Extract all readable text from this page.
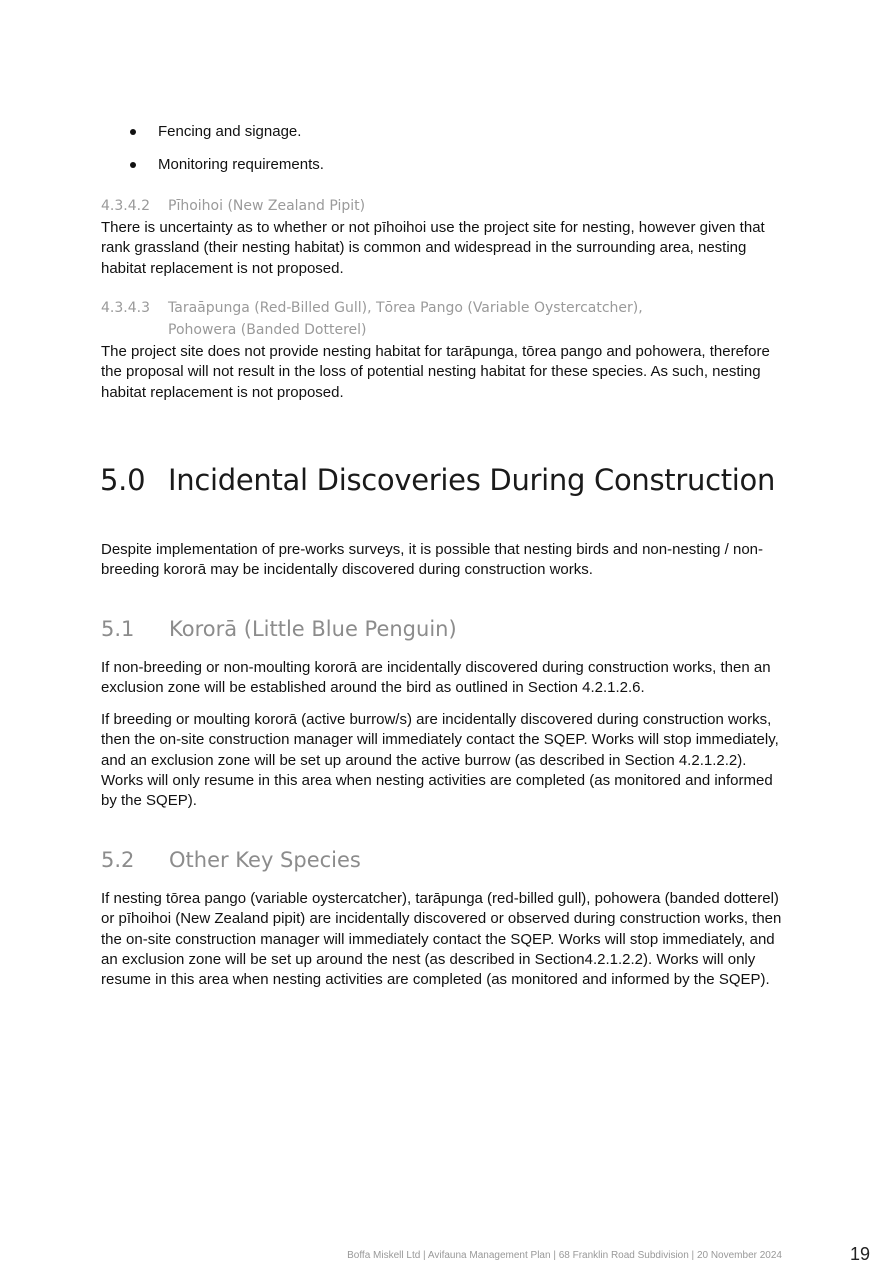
Fencing and signage.
Monitoring requirements.
4.3.4.2 Pīhoihoi (New Zealand Pipit)

There is uncertainty as to whether or not pīhoihoi use the project site for nesting, however given that rank grassland (their nesting habitat) is common and widespread in the surrounding area, nesting habitat replacement is not proposed.

4.3.4.3 Taraāpunga (Red-Billed Gull), Tōrea Pango (Variable Oystercatcher),
Pohowera (Banded Dotterel)

The project site does not provide nesting habitat for tarāpunga, tōrea pango and pohowera, therefore the proposal will not result in the loss of potential nesting habitat for these species. As such, nesting habitat replacement is not proposed.

5.0 Incidental Discoveries During Construction

Despite implementation of pre-works surveys, it is possible that nesting birds and non-nesting / non-breeding kororā may be incidentally discovered during construction works.

5.1 Kororā (Little Blue Penguin)

If non-breeding or non-moulting kororā are incidentally discovered during construction works, then an exclusion zone will be established around the bird as outlined in Section 4.2.1.2.6.

If breeding or moulting kororā (active burrow/s) are incidentally discovered during construction works, then the on-site construction manager will immediately contact the SQEP. Works will stop immediately, and an exclusion zone will be set up around the active burrow (as described in Section 4.2.1.2.2). Works will only resume in this area when nesting activities are completed (as monitored and informed by the SQEP).

5.2 Other Key Species

If nesting tōrea pango (variable oystercatcher), tarāpunga (red-billed gull), pohowera (banded dotterel) or pīhoihoi (New Zealand pipit) are incidentally discovered or observed during construction works, then the on-site construction manager will immediately contact the SQEP. Works will stop immediately, and an exclusion zone will be set up around the nest (as described in Section4.2.1.2.2). Works will only resume in this area when nesting activities are completed (as monitored and informed by the SQEP).

Boffa Miskell Ltd | Avifauna Management Plan | 68 Franklin Road Subdivision | 20 November 2024	19
